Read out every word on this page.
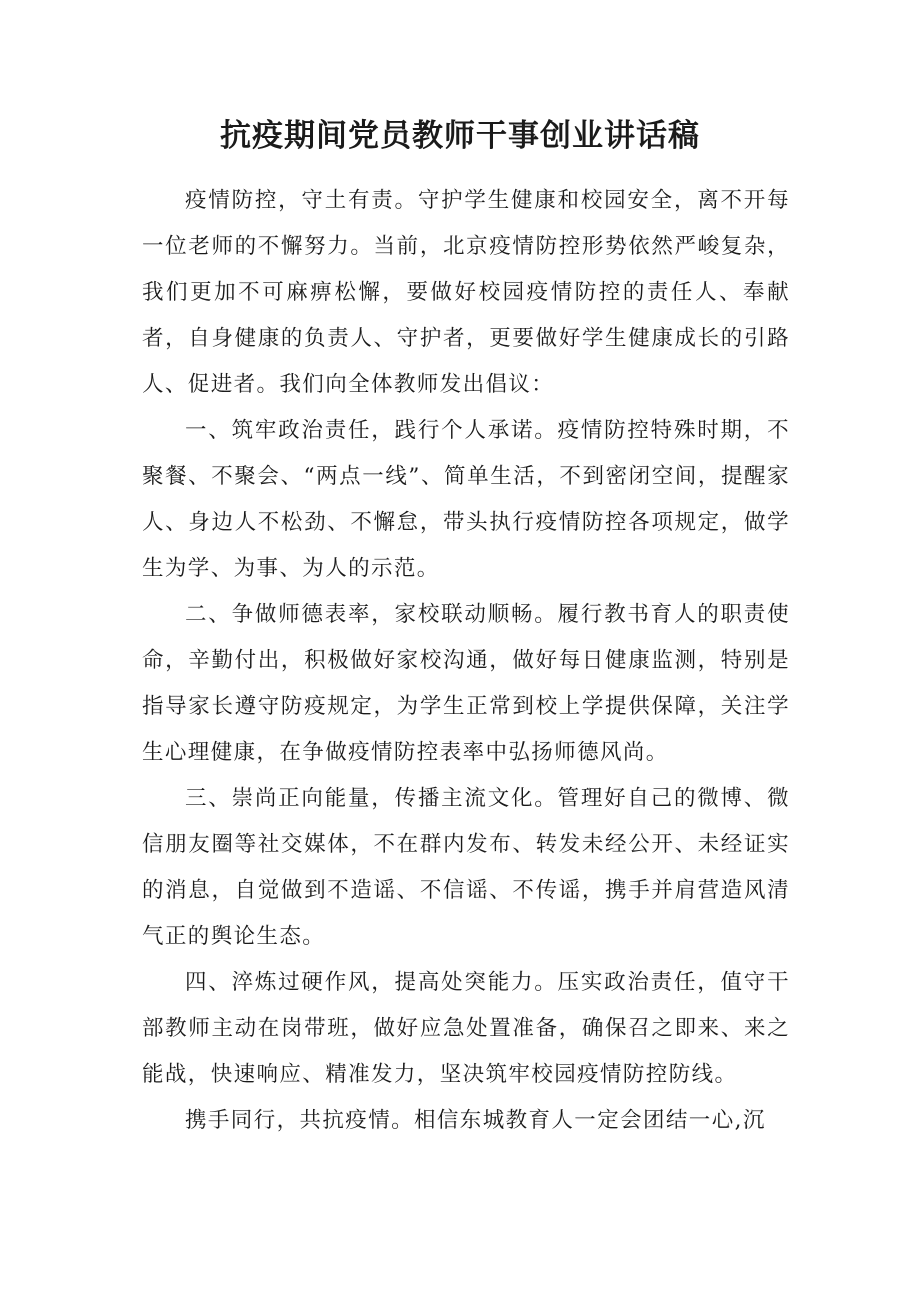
抗疫期间党员教师干事创业讲话稿

疫情防控，守土有责。守护学生健康和校园安全，离不开每一位老师的不懈努力。当前，北京疫情防控形势依然严峻复杂，我们更加不可麻痹松懈，要做好校园疫情防控的责任人、奉献者，自身健康的负责人、守护者，更要做好学生健康成长的引路人、促进者。我们向全体教师发出倡议：

一、筑牢政治责任，践行个人承诺。疫情防控特殊时期，不聚餐、不聚会、“两点一线”、简单生活，不到密闭空间，提醒家人、身边人不松劲、不懈怠，带头执行疫情防控各项规定，做学生为学、为事、为人的示范。

二、争做师德表率，家校联动顺畅。履行教书育人的职责使命，辛勤付出，积极做好家校沟通，做好每日健康监测，特别是指导家长遵守防疫规定，为学生正常到校上学提供保障，关注学生心理健康，在争做疫情防控表率中弘扬师德风尚。

三、崇尚正向能量，传播主流文化。管理好自己的微博、微信朋友圈等社交媒体，不在群内发布、转发未经公开、未经证实的消息，自觉做到不造谣、不信谣、不传谣，携手并肩营造风清气正的舆论生态。

四、淬炼过硬作风，提高处突能力。压实政治责任，值守干部教师主动在岗带班，做好应急处置准备，确保召之即来、来之能战，快速响应、精准发力，坚决筑牢校园疫情防控防线。

携手同行，共抗疫情。相信东城教育人一定会团结一心,沉
